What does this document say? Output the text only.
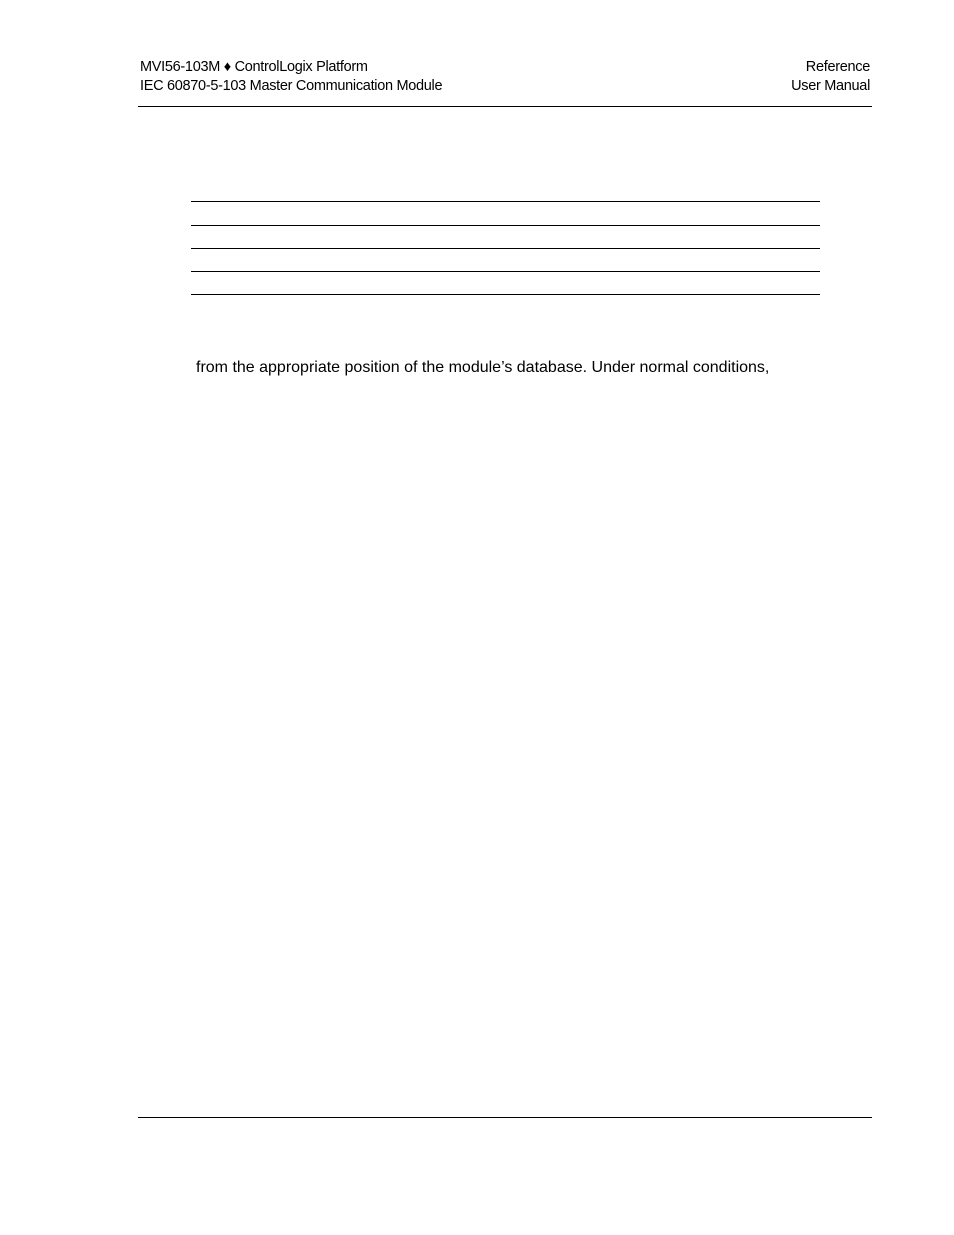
MVI56-103M ♦ ControlLogix Platform
IEC 60870-5-103 Master Communication Module
Reference
User Manual
from the appropriate position of the module’s database. Under normal conditions,
